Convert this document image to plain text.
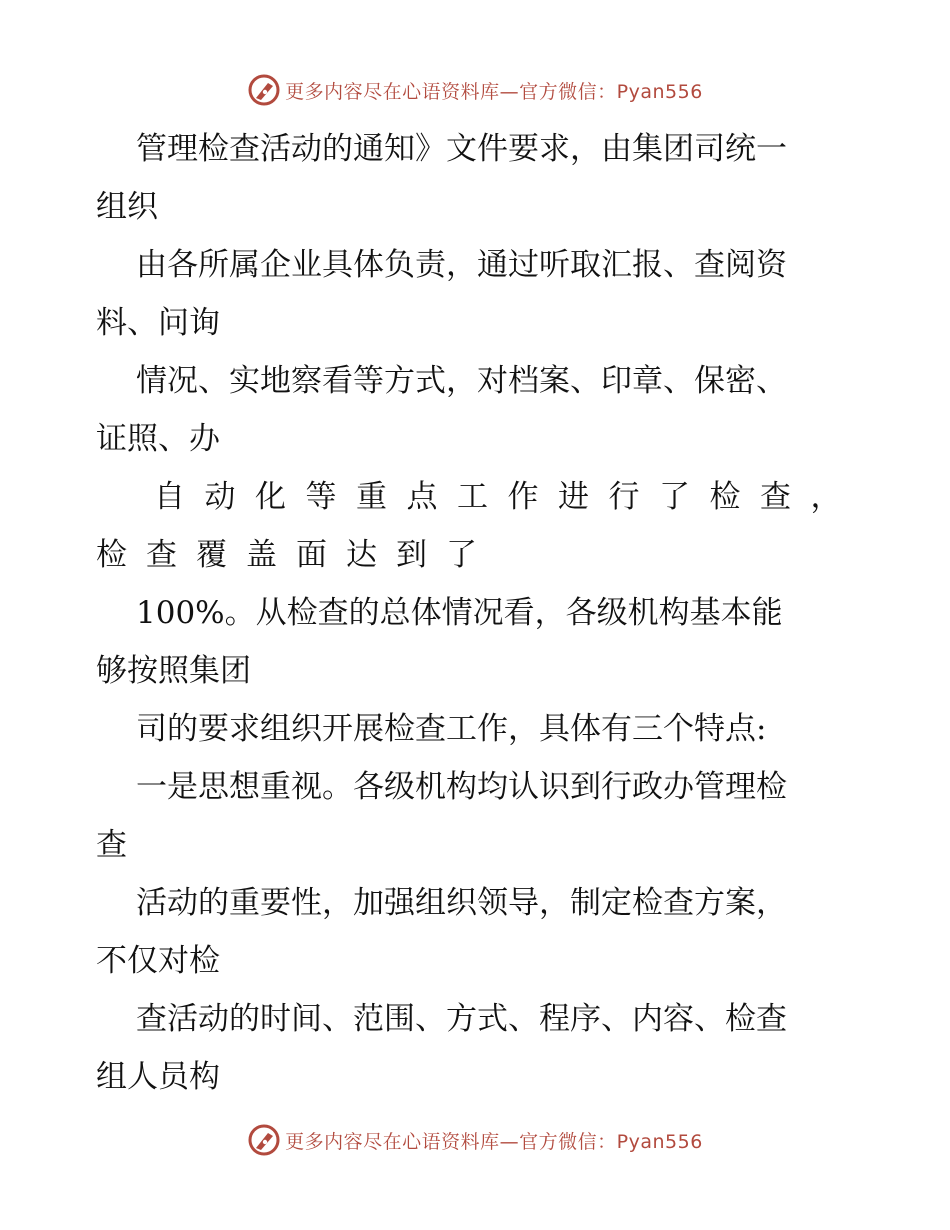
更多内容尽在心语资料库—官方微信：Pyan556
管理检查活动的通知》文件要求，由集团司统一
组织
由各所属企业具体负责，通过听取汇报、查阅资
料、问询
情况、实地察看等方式，对档案、印章、保密、
证照、办
自动化等重点工作进行了检查，
检查覆盖面达到了
100%。从检查的总体情况看，各级机构基本能
够按照集团
司的要求组织开展检查工作，具体有三个特点:
一是思想重视。各级机构均认识到行政办管理检
查
活动的重要性，加强组织领导，制定检查方案，
不仅对检
查活动的时间、范围、方式、程序、内容、检查
组人员构
更多内容尽在心语资料库—官方微信：Pyan556
